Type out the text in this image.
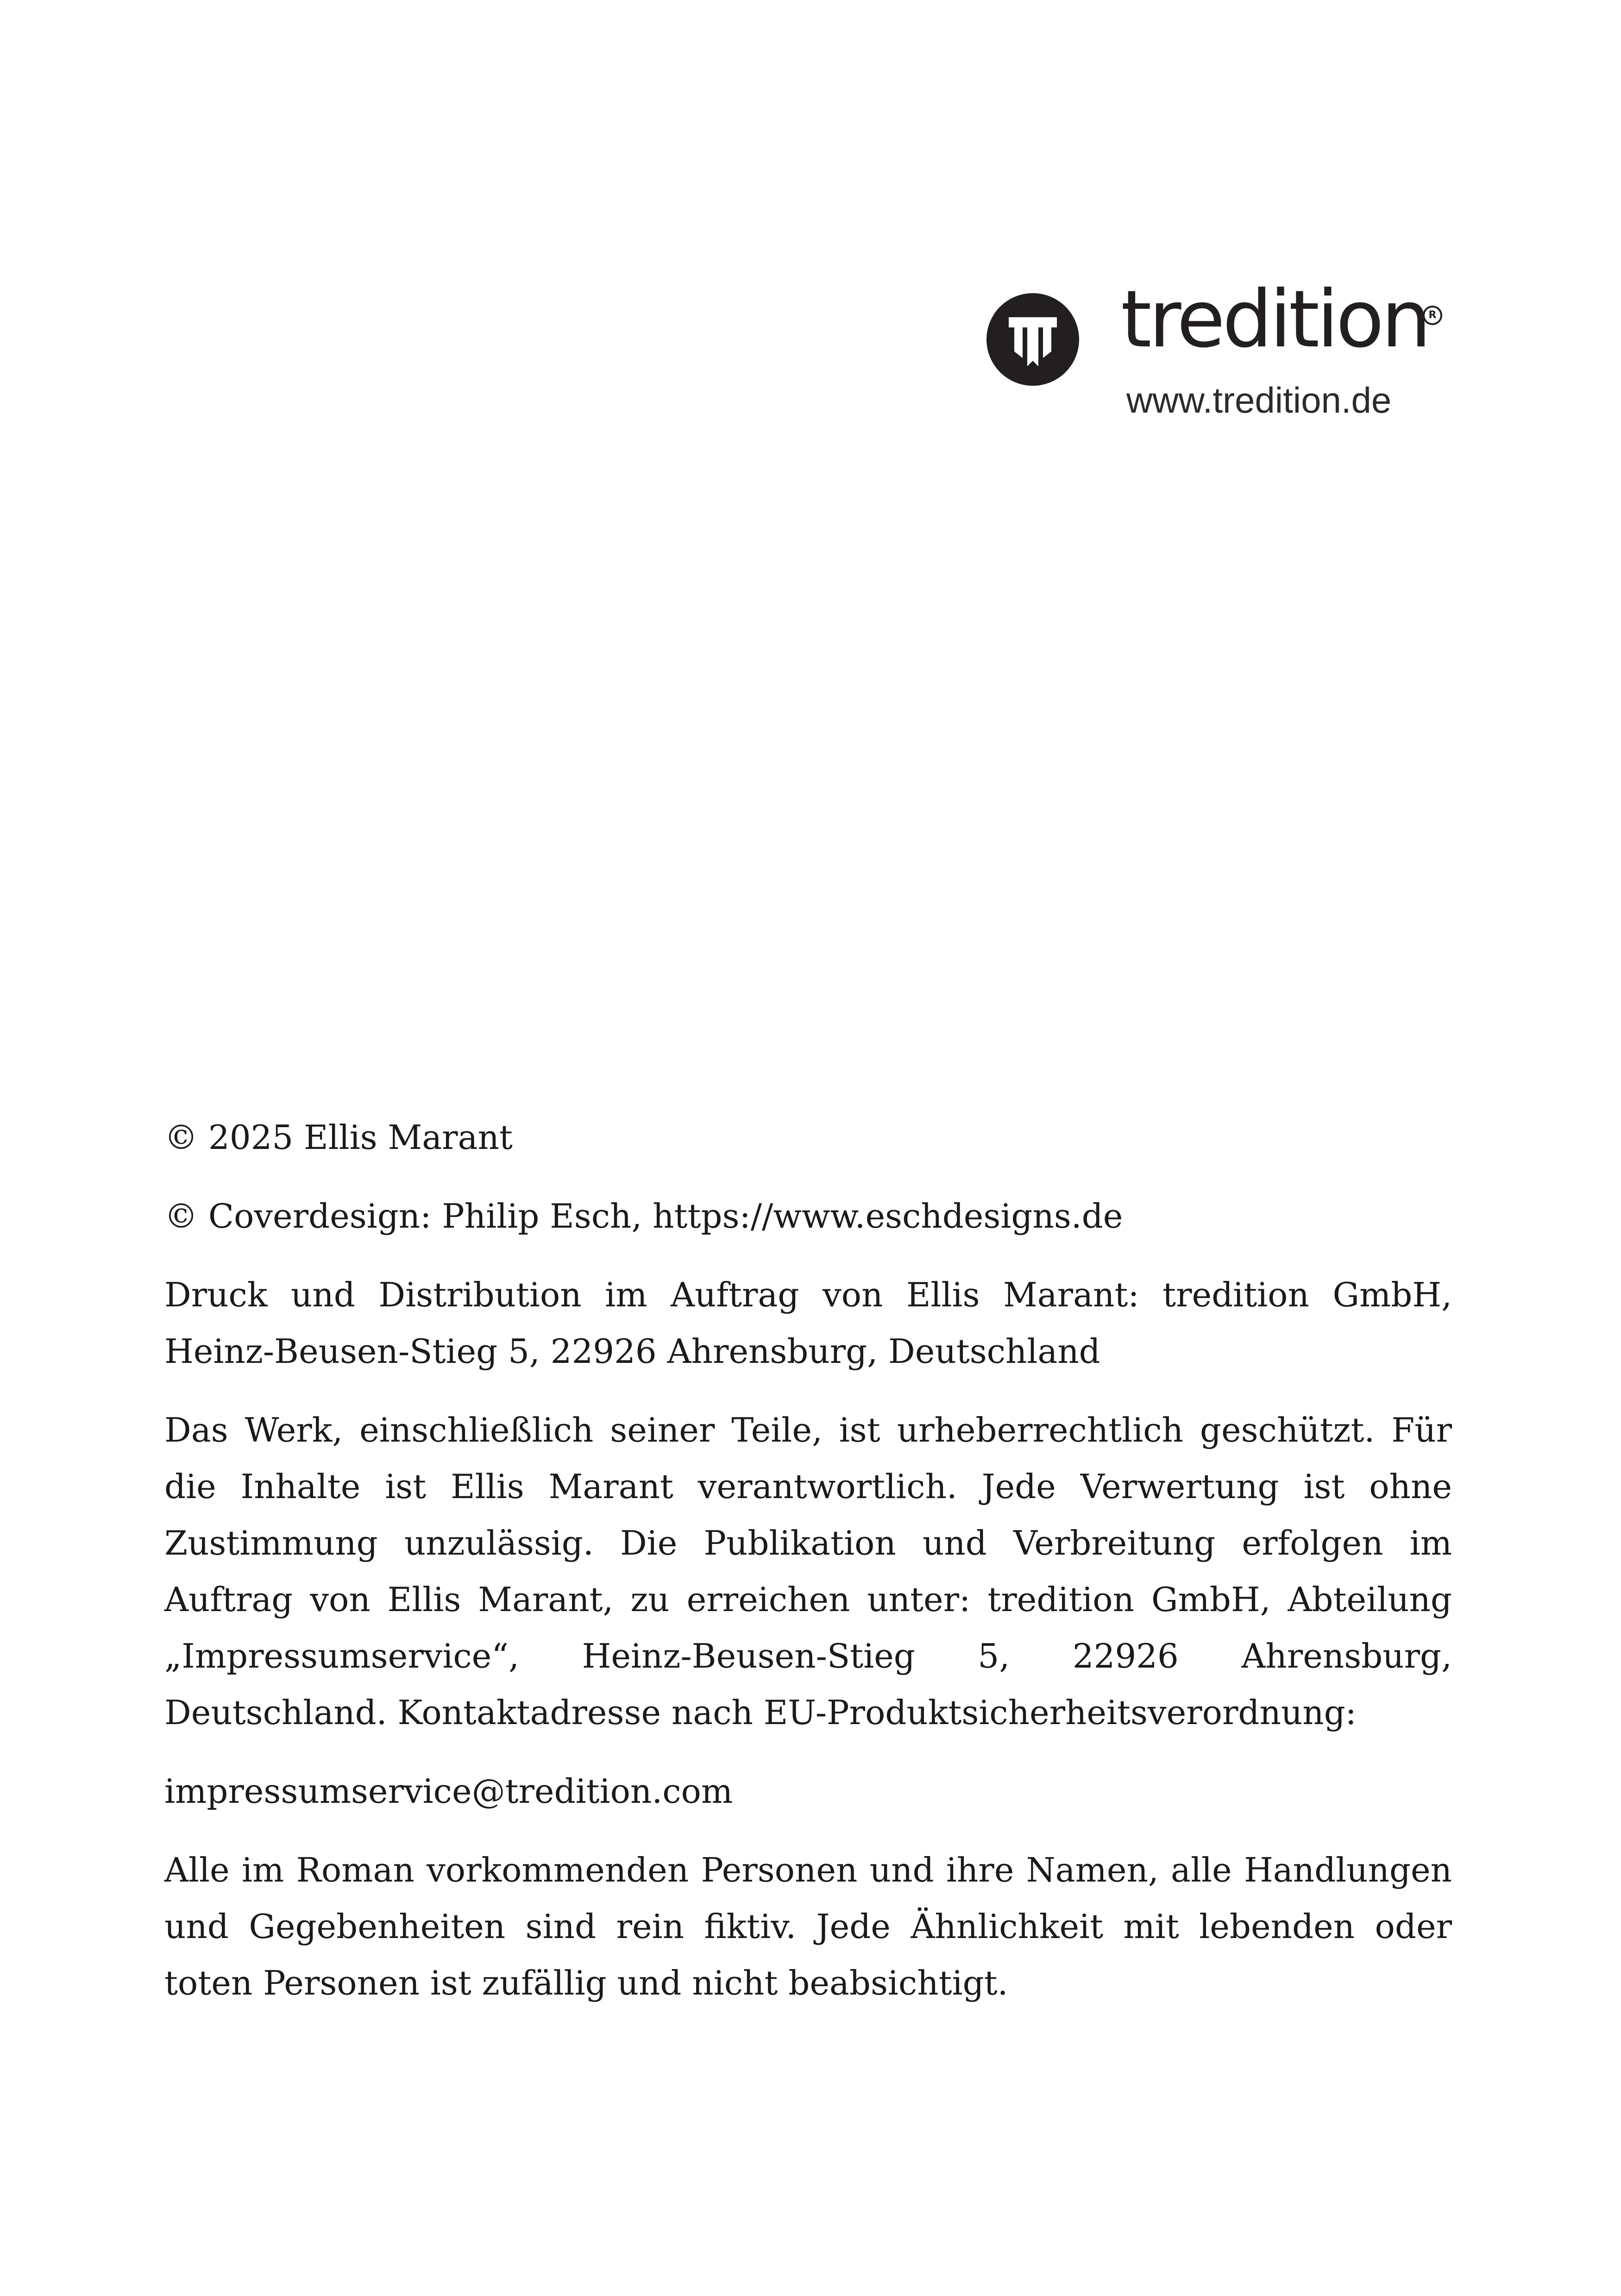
tredition R
www.tredition.de

© 2025 Ellis Marant

© Coverdesign: Philip Esch, https://www.eschdesigns.de

Druck und Distribution im Auftrag von Ellis Marant: tredition GmbH, Heinz-Beusen-Stieg 5, 22926 Ahrensburg, Deutschland

Das Werk, einschließlich seiner Teile, ist urheberrechtlich geschützt. Für die Inhalte ist Ellis Marant verantwortlich. Jede Verwertung ist ohne Zustimmung unzulässig. Die Publikation und Verbreitung erfolgen im Auftrag von Ellis Marant, zu erreichen unter: tredition GmbH, Abteilung „Impressumservice“, Heinz-Beusen-Stieg 5, 22926 Ahrensburg, Deutschland. Kontaktadresse nach EU-Produktsicherheitsverordnung:

impressumservice@tredition.com

Alle im Roman vorkommenden Personen und ihre Namen, alle Handlungen und Gegebenheiten sind rein fiktiv. Jede Ähnlichkeit mit lebenden oder toten Personen ist zufällig und nicht beabsichtigt.
